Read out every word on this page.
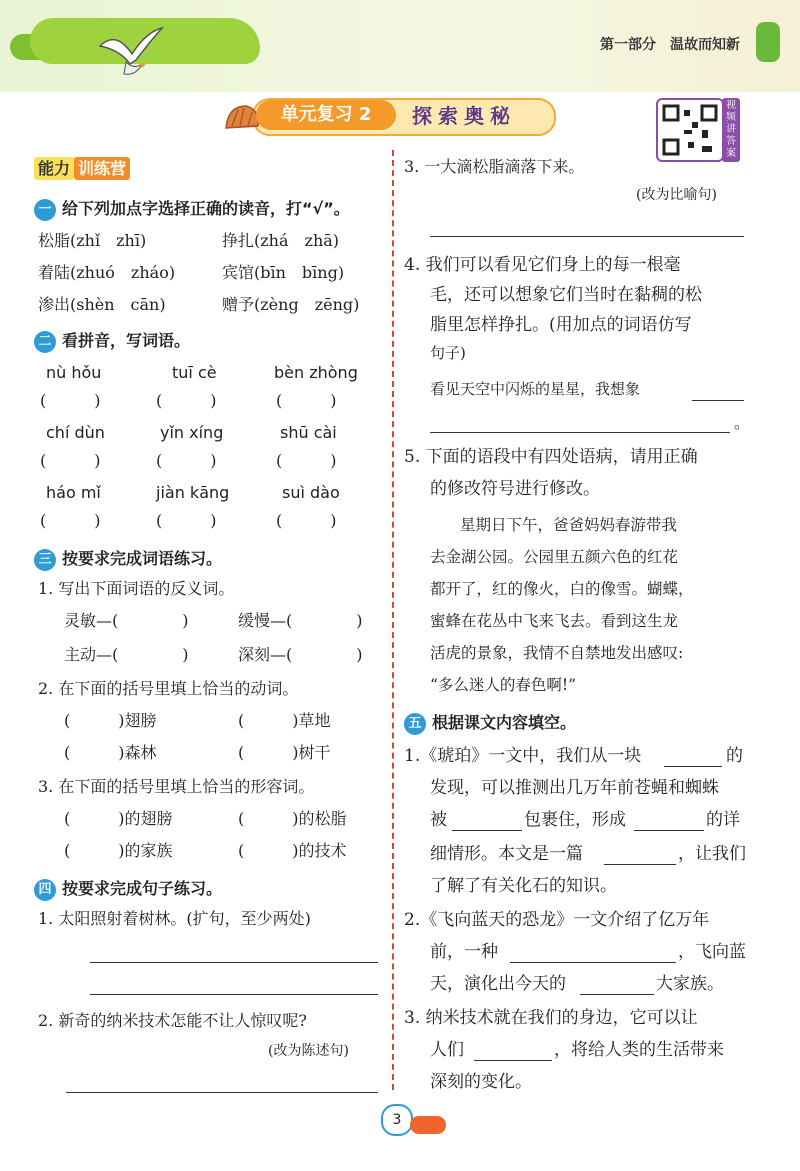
第一部分　温故而知新
单元复习 2	探索奥秘	视频讲答案
能力 训练营
一 给下列加点字选择正确的读音，打“√”。
松脂(zhǐ　zhī)	挣扎(zhá　zhā)
着陆(zhuó　zháo)	宾馆(bīn　bīng)
渗出(shèn　cān)	赠予(zèng　zēng)
二 看拼音，写词语。
nù hǒu	tuī cè	bèn zhòng
(　　　)	(　　　)	(　　　)
chí dùn	yǐn xíng	shū cài
(　　　)	(　　　)	(　　　)
háo mǐ	jiàn kāng	suì dào
(　　　)	(　　　)	(　　　)
三 按要求完成词语练习。
1. 写出下面词语的反义词。
灵敏—(　　　　)	缓慢—(　　　　)
主动—(　　　　)	深刻—(　　　　)
2. 在下面的括号里填上恰当的动词。
(　　　)翅膀	(　　　)草地
(　　　)森林	(　　　)树干
3. 在下面的括号里填上恰当的形容词。
(　　　)的翅膀	(　　　)的松脂
(　　　)的家族	(　　　)的技术
四 按要求完成句子练习。
1. 太阳照射着树林。(扩句，至少两处)
2. 新奇的纳米技术怎能不让人惊叹呢?
(改为陈述句)
3. 一大滴松脂滴落下来。
(改为比喻句)
4. 我们可以看见它们身上的每一根毫
毛，还可以想象它们当时在黏稠的松
脂里怎样挣扎。(用加点的词语仿写
句子)
看见天空中闪烁的星星，我想象
。
5. 下面的语段中有四处语病，请用正确
的修改符号进行修改。
星期日下午，爸爸妈妈春游带我
去金湖公园。公园里五颜六色的红花
都开了，红的像火，白的像雪。蝴蝶，
蜜蜂在花丛中飞来飞去。看到这生龙
活虎的景象，我情不自禁地发出感叹:
“多么迷人的春色啊!”
五 根据课文内容填空。
1.《琥珀》一文中，我们从一块	的
发现，可以推测出几万年前苍蝇和蜘蛛
被	包裹住，形成	的详
细情形。本文是一篇	，让我们
了解了有关化石的知识。
2.《飞向蓝天的恐龙》一文介绍了亿万年
前，一种	，飞向蓝
天，演化出今天的	大家族。
3. 纳米技术就在我们的身边，它可以让
人们	，将给人类的生活带来
深刻的变化。
3
